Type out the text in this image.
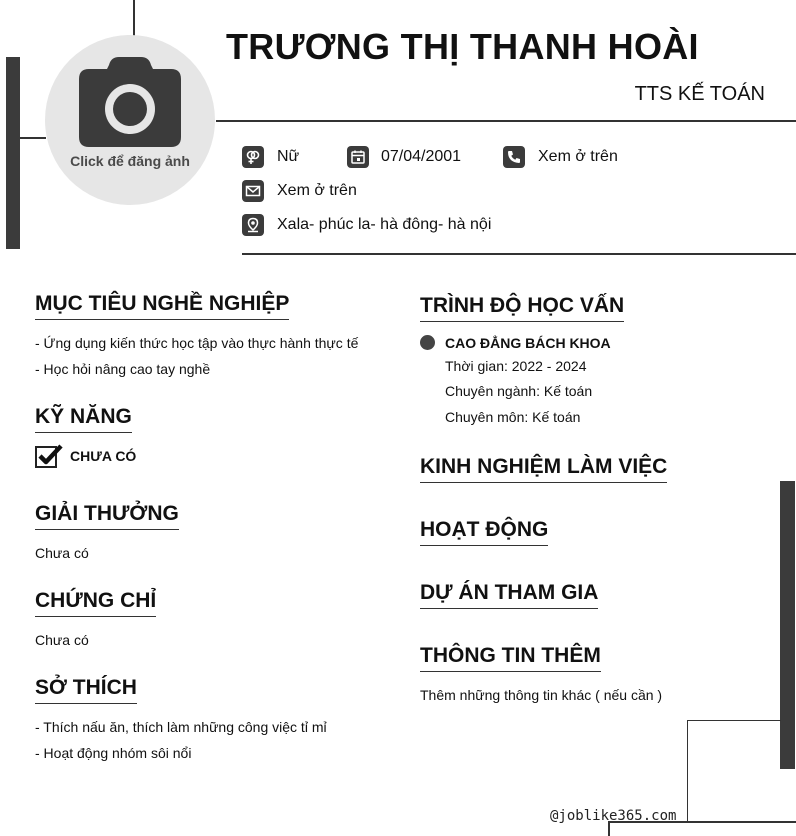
Click để đăng ảnh
TRƯƠNG THỊ THANH HOÀI
TTS KẾ TOÁN
Nữ	07/04/2001	Xem ở trên
Xem ở trên
Xala- phúc la- hà đông- hà nội
MỤC TIÊU NGHỀ NGHIỆP
- Ứng dụng kiến thức học tập vào thực hành thực tế
- Học hỏi nâng cao tay nghề
KỸ NĂNG
CHƯA CÓ
GIẢI THƯỞNG
Chưa có
CHỨNG CHỈ
Chưa có
SỞ THÍCH
- Thích nấu ăn, thích làm những công việc tỉ mỉ
- Hoạt động nhóm sôi nổi
TRÌNH ĐỘ HỌC VẤN
CAO ĐẲNG BÁCH KHOA
Thời gian: 2022 - 2024
Chuyên ngành: Kế toán
Chuyên môn: Kế toán
KINH NGHIỆM LÀM VIỆC
HOẠT ĐỘNG
DỰ ÁN THAM GIA
THÔNG TIN THÊM
Thêm những thông tin khác ( nếu cần )
@joblike365.com
